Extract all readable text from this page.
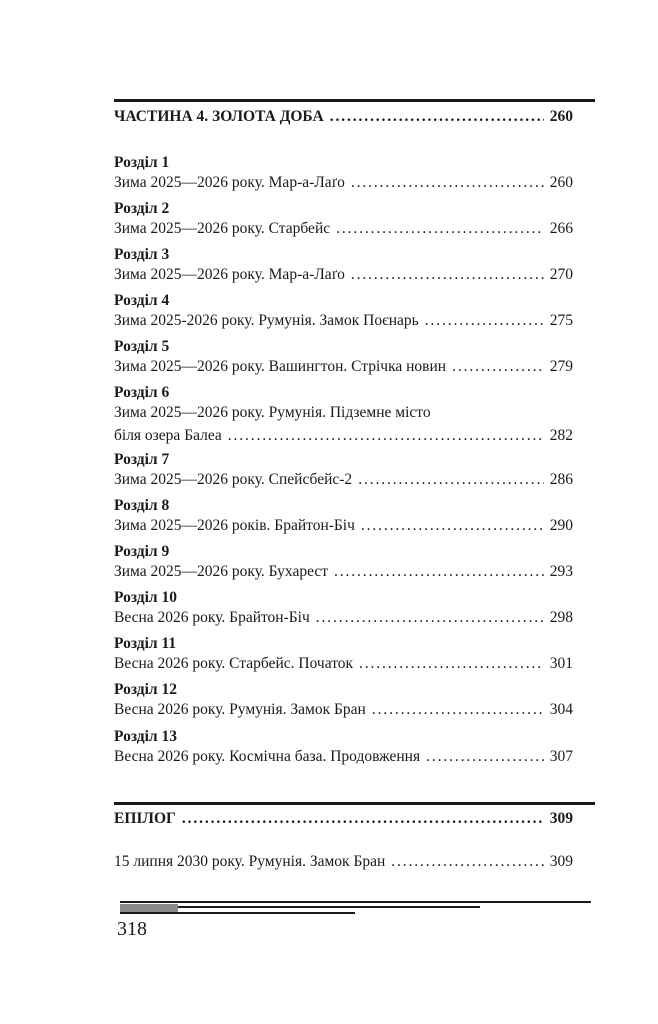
ЧАСТИНА 4. ЗОЛОТА ДОБА . . .	260
Розділ 1
Зима 2025—2026 року. Мар-а-Лаґо . . .	260
Розділ 2
Зима 2025—2026 року. Старбейс . . .	266
Розділ 3
Зима 2025—2026 року. Мар-а-Лаґо . . .	270
Розділ 4
Зима 2025-2026 року. Румунія. Замок Поєнарь . . .	275
Розділ 5
Зима 2025—2026 року. Вашингтон. Стрічка новин . . .	279
Розділ 6
Зима 2025—2026 року. Румунія. Підземне місто
біля озера Балеа . . .	282
Розділ 7
Зима 2025—2026 року. Спейсбейс-2 . . .	286
Розділ 8
Зима 2025—2026 років. Брайтон-Біч . . .	290
Розділ 9
Зима 2025—2026 року. Бухарест . . .	293
Розділ 10
Весна 2026 року. Брайтон-Біч . . .	298
Розділ 11
Весна 2026 року. Старбейс. Початок . . .	301
Розділ 12
Весна 2026 року. Румунія. Замок Бран . . .	304
Розділ 13
Весна 2026 року. Космічна база. Продовження . . .	307
ЕПІЛОГ . . .	309
15 липня 2030 року. Румунія. Замок Бран . . .	309
318
